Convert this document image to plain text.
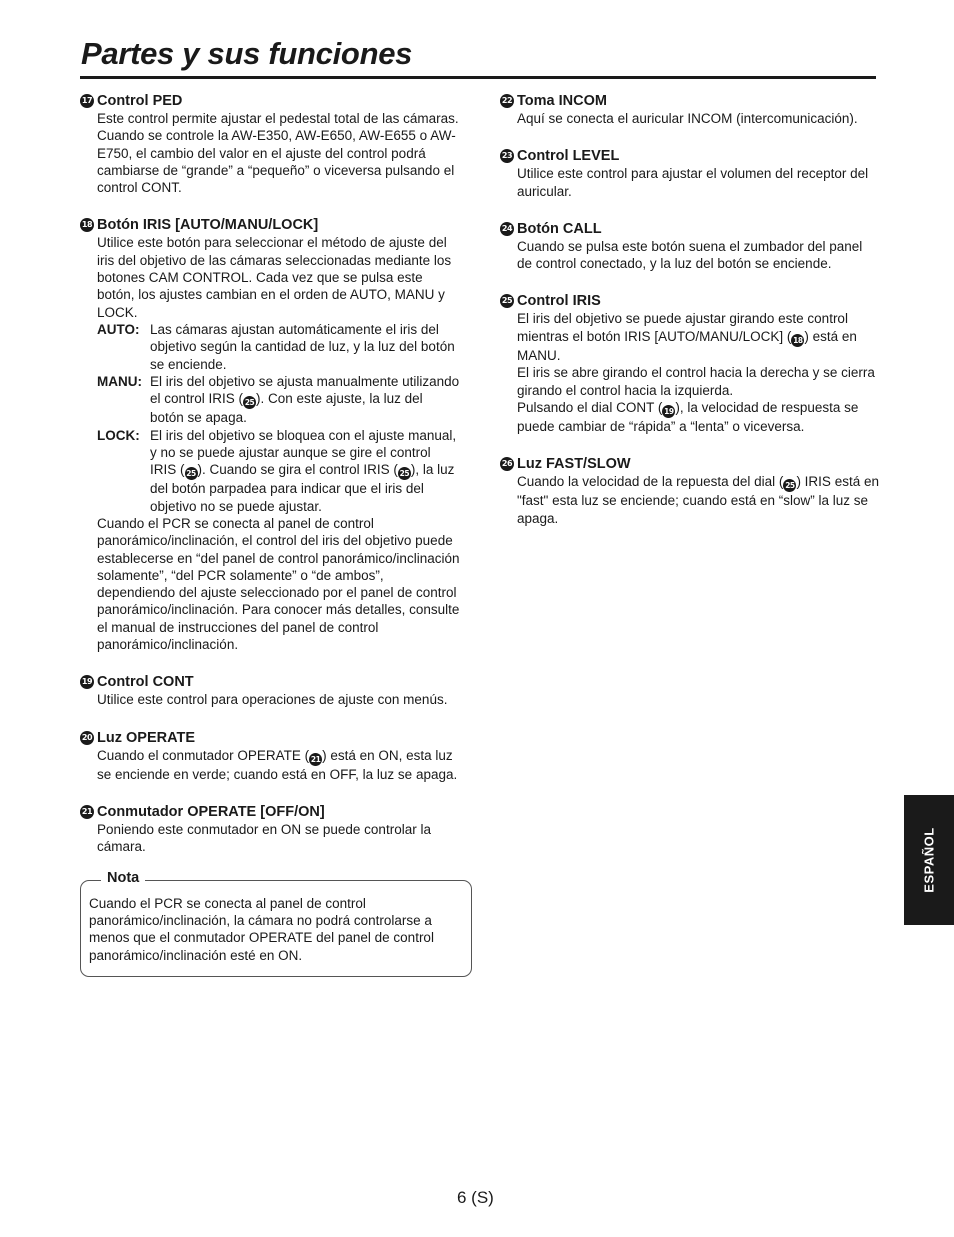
Partes y sus funciones
17 Control PED

Este control permite ajustar el pedestal total de las cámaras.

Cuando se controle la AW-E350, AW-E650, AW-E655 o AW-E750, el cambio del valor en el ajuste del control podrá cambiarse de “grande” a “pequeño” o viceversa pulsando el control CONT.

18 Botón IRIS [AUTO/MANU/LOCK]

Utilice este botón para seleccionar el método de ajuste del iris del objetivo de las cámaras seleccionadas mediante los botones CAM CONTROL. Cada vez que se pulsa este botón, los ajustes cambian en el orden de AUTO, MANU y LOCK.

AUTO: Las cámaras ajustan automáticamente el iris del objetivo según la cantidad de luz, y la luz del botón se enciende.
MANU: El iris del objetivo se ajusta manualmente utilizando el control IRIS ( 25 ). Con este ajuste, la luz del botón se apaga.
LOCK: El iris del objetivo se bloquea con el ajuste manual, y no se puede ajustar aunque se gire el control IRIS ( 25 ). Cuando se gira el control IRIS ( 25 ), la luz del botón parpadea para indicar que el iris del objetivo no se puede ajustar.

Cuando el PCR se conecta al panel de control panorámico/inclinación, el control del iris del objetivo puede establecerse en “del panel de control panorámico/inclinación solamente”, “del PCR solamente” o “de ambos”, dependiendo del ajuste seleccionado por el panel de control panorámico/inclinación. Para conocer más detalles, consulte el manual de instrucciones del panel de control panorámico/inclinación.

19 Control CONT

Utilice este control para operaciones de ajuste con menús.

20 Luz OPERATE

Cuando el conmutador OPERATE ( 21 ) está en ON, esta luz se enciende en verde; cuando está en OFF, la luz se apaga.

21 Conmutador OPERATE [OFF/ON]

Poniendo este conmutador en ON se puede controlar la cámara.

Nota

Cuando el PCR se conecta al panel de control panorámico/inclinación, la cámara no podrá controlarse a menos que el conmutador OPERATE del panel de control panorámico/inclinación esté en ON.

22 Toma INCOM

Aquí se conecta el auricular INCOM (intercomunicación).

23 Control LEVEL

Utilice este control para ajustar el volumen del receptor del auricular.

24 Botón CALL

Cuando se pulsa este botón suena el zumbador del panel de control conectado, y la luz del botón se enciende.

25 Control IRIS

El iris del objetivo se puede ajustar girando este control mientras el botón IRIS [AUTO/MANU/LOCK] ( 18 ) está en MANU.

El iris se abre girando el control hacia la derecha y se cierra girando el control hacia la izquierda.

Pulsando el dial CONT ( 19 ), la velocidad de respuesta se puede cambiar de “rápida” a “lenta” o viceversa.

26 Luz FAST/SLOW

Cuando la velocidad de la repuesta del dial ( 25 ) IRIS está en "fast" esta luz se enciende; cuando está en “slow” la luz se apaga.

ESPAÑOL
6 (S)
